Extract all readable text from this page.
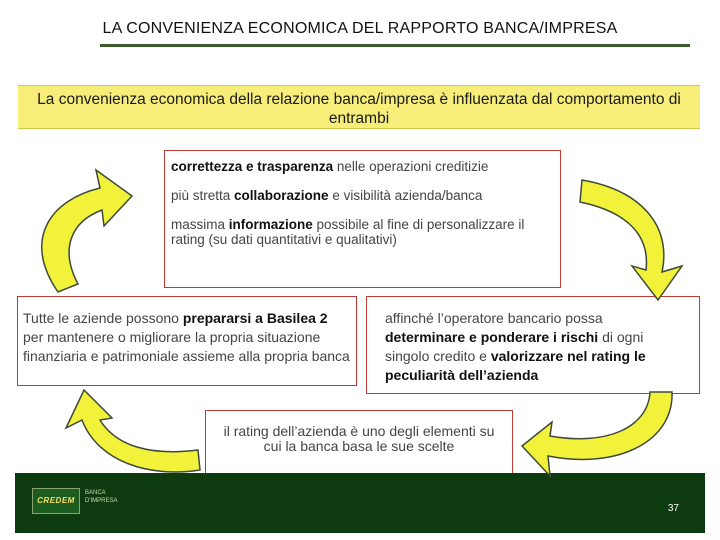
LA CONVENIENZA ECONOMICA DEL RAPPORTO BANCA/IMPRESA
La convenienza economica della relazione banca/impresa è influenzata dal comportamento di entrambi

correttezza e trasparenza nelle operazioni creditizie

più stretta collaborazione e visibilità azienda/banca

massima informazione possibile al fine di personalizzare il rating (su dati quantitativi e qualitativi)

Tutte le aziende possono prepararsi a Basilea 2 per mantenere o migliorare la propria situazione finanziaria e patrimoniale assieme alla propria banca
affinché l’operatore bancario possa determinare e ponderare i rischi di ogni singolo credito e valorizzare nel rating le peculiarità dell’azienda
il rating dell’azienda è uno degli elementi su cui la banca basa le sue scelte
CREDEM
BANCA D'IMPRESA
37
